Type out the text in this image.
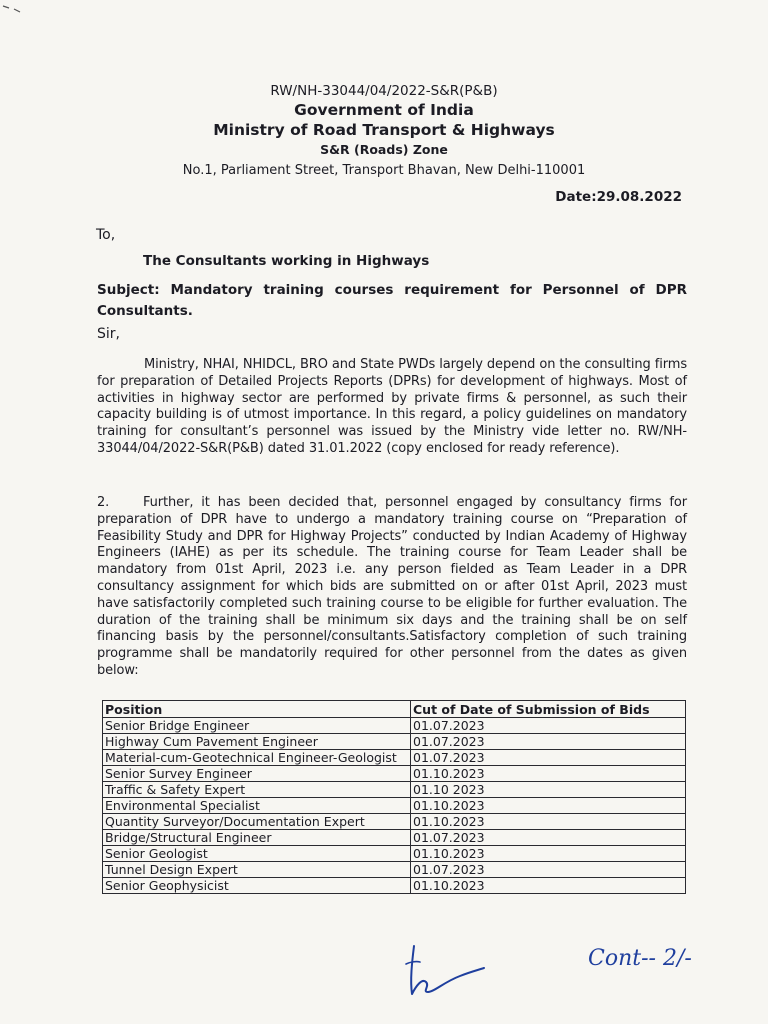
RW/NH-33044/04/2022-S&R(P&B)

Government of India

Ministry of Road Transport & Highways

S&R (Roads) Zone

No.1, Parliament Street, Transport Bhavan, New Delhi-110001

Date:29.08.2022

To,

The Consultants working in Highways

Subject: Mandatory training courses requirement for Personnel of DPR Consultants.

Sir,

Ministry, NHAI, NHIDCL, BRO and State PWDs largely depend on the consulting firms for preparation of Detailed Projects Reports (DPRs) for development of highways. Most of activities in highway sector are performed by private firms & personnel, as such their capacity building is of utmost importance. In this regard, a policy guidelines on mandatory training for consultant’s personnel was issued by the Ministry vide letter no. RW/NH-33044/04/2022-S&R(P&B) dated 31.01.2022 (copy enclosed for ready reference).

2.	Further, it has been decided that, personnel engaged by consultancy firms for preparation of DPR have to undergo a mandatory training course on “Preparation of Feasibility Study and DPR for Highway Projects” conducted by Indian Academy of Highway Engineers (IAHE) as per its schedule. The training course for Team Leader shall be mandatory from 01st April, 2023 i.e. any person fielded as Team Leader in a DPR consultancy assignment for which bids are submitted on or after 01st April, 2023 must have satisfactorily completed such training course to be eligible for further evaluation. The duration of the training shall be minimum six days and the training shall be on self financing basis by the personnel/consultants.Satisfactory completion of such training programme shall be mandatorily required for other personnel from the dates as given below:

Position	Cut of Date of Submission of Bids
Senior Bridge Engineer	01.07.2023
Highway Cum Pavement Engineer	01.07.2023
Material-cum-Geotechnical Engineer-Geologist	01.07.2023
Senior Survey Engineer	01.10.2023
Traffic & Safety Expert	01.10 2023
Environmental Specialist	01.10.2023
Quantity Surveyor/Documentation Expert	01.10.2023
Bridge/Structural Engineer	01.07.2023
Senior Geologist	01.10.2023
Tunnel Design Expert	01.07.2023
Senior Geophysicist	01.10.2023

Cont-- 2/-
